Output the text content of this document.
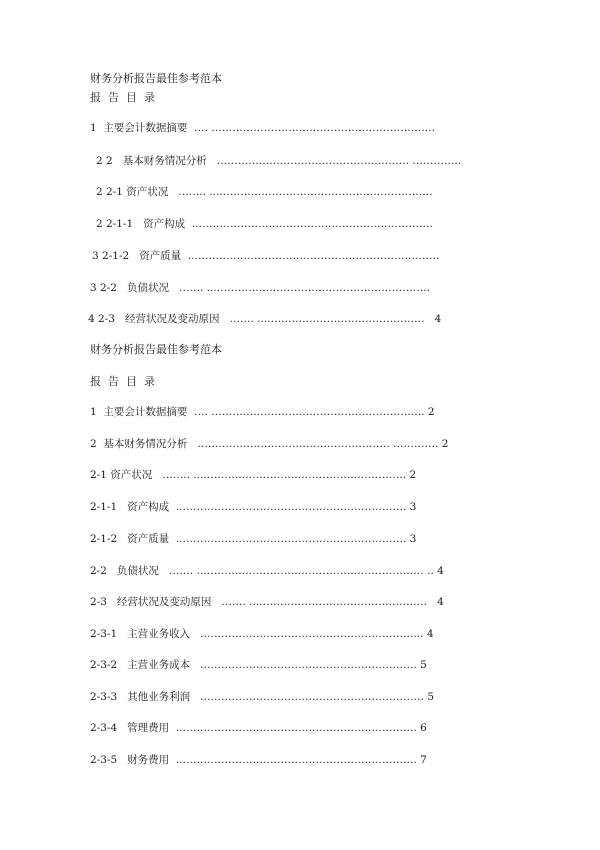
财务分析报告最佳参考范本
报  告  目  录
1  主要会计数据摘要  …. ……………………………………………………….
2 2   基本财务情况分析   ………………………………………………. …………..
2 2-1 资产状况   …….. ...…………………………………………………….
2 2-1-1   资产构成  ..………………………………………………………….
3 2-1-2   资产质量  ..…………………………………………………………….
3 2-2   负债状况   ……. ..……………………………………………………..
4 2-3   经营状况及变动原因   ……. ...………………………………………   4
财务分析报告最佳参考范本
报  告  目  录
1  主要会计数据摘要  …. ……………………………………………………. 2
2  基本财务情况分析   ………………………………………………. …………. 2
2-1 资产状况   …….. ...…………………………………………………. 2
2-1-1   资产构成  ..………………………………………………………. 3
2-1-2   资产质量  ..………………………………………………………. 3
2-2   负债状况   ……. ..……………………………………………………… .. 4
2-3   经营状况及变动原因   ……. ...…………………………………………   4
2-3-1   主营业务收入   .……………………………………………………... 4
2-3-2   主营业务成本   .……………………………………………………. 5
2-3-3   其他业务利润   .……………………………………………………… 5
2-3-4   管理费用  ..…………………………………………………………. 6
2-3-5   财务费用  ..…………………………………………………………. 7
